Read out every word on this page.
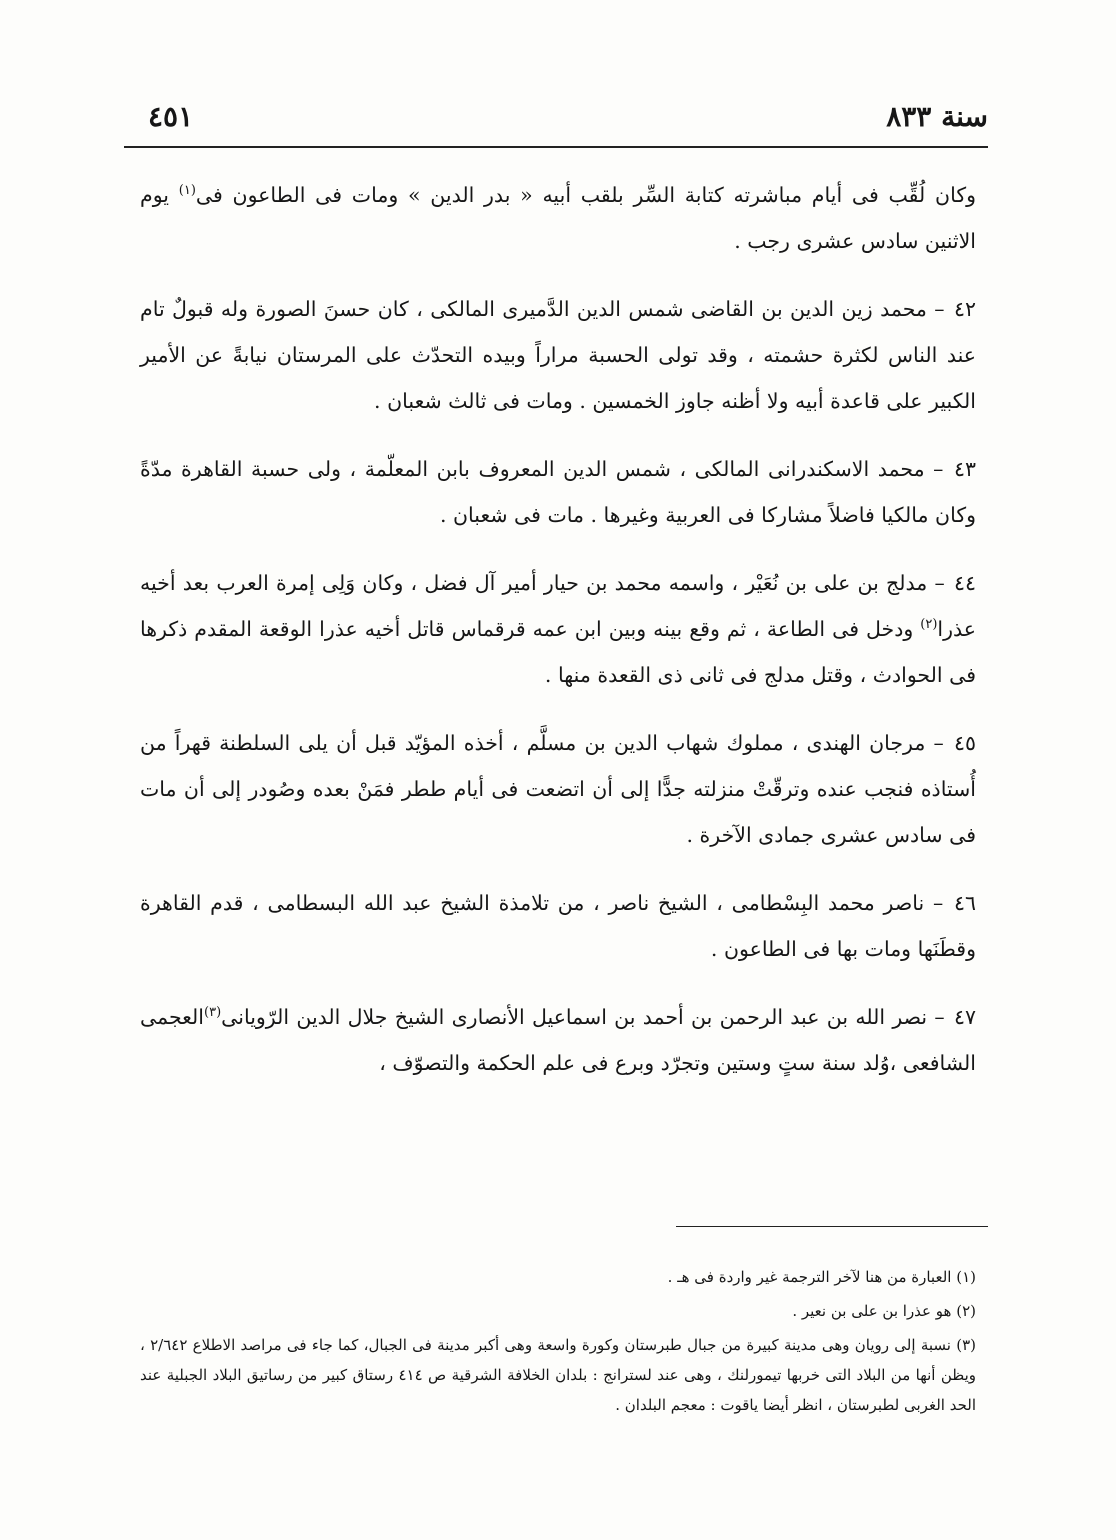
سنة ٨٣٣
٤٥١

وكان لُقِّب فى أيام مباشرته كتابة السِّر بلقب أبيه « بدر الدين » ومات فى الطاعون فى$^{(١)}$ يوم الاثنين سادس عشرى رجب .

٤٢ – محمد زين الدين بن القاضى شمس الدين الدَّميرى المالكى ، كان حسنَ الصورة وله قبولٌ تام عند الناس لكثرة حشمته ، وقد تولى الحسبة مراراً وبيده التحدّث على المرستان نيابةً عن الأمير الكبير على قاعدة أبيه ولا أظنه جاوز الخمسين . ومات فى ثالث شعبان .

٤٣ – محمد الاسكندرانى المالكى ، شمس الدين المعروف بابن المعلّمة ، ولى حسبة القاهرة مدّةً وكان مالكيا فاضلاً مشاركا فى العربية وغيرها . مات فى شعبان .

٤٤ – مدلج بن على بن نُعَيْر ، واسمه محمد بن حيار أمير آل فضل ، وكان وَلِى إمرة العرب بعد أخيه عذرا$^{(٢)}$ ودخل فى الطاعة ، ثم وقع بينه وبين ابن عمه قرقماس قاتل أخيه عذرا الوقعة المقدم ذكرها فى الحوادث ، وقتل مدلج فى ثانى ذى القعدة منها .

٤٥ – مرجان الهندى ، مملوك شهاب الدين بن مسلَّم ، أخذه المؤيّد قبل أن يلى السلطنة قهراً من أُستاذه فنجب عنده وترقّتْ منزلته جدًّا إلى أن اتضعت فى أيام ططر فمَنْ بعده وصُودر إلى أن مات فى سادس عشرى جمادى الآخرة .

٤٦ – ناصر محمد البِسْطامى ، الشيخ ناصر ، من تلامذة الشيخ عبد الله البسطامى ، قدم القاهرة وقطَنَها ومات بها فى الطاعون .

٤٧ – نصر الله بن عبد الرحمن بن أحمد بن اسماعيل الأنصارى الشيخ جلال الدين الرّويانى$^{(٣)}$العجمى الشافعى ،وُلد سنة ستٍ وستين وتجرّد وبرع فى علم الحكمة والتصوّف ،

(١) العبارة من هنا لآخر الترجمة غير واردة فى هـ .

(٢) هو عذرا بن على بن نعير .

(٣) نسبة إلى رويان وهى مدينة كبيرة من جبال طبرستان وكورة واسعة وهى أكبر مدينة فى الجبال، كما جاء فى مراصد الاطلاع ٢/٦٤٢ ، ويظن أنها من البلاد التى خربها تيمورلنك ، وهى عند لسترانج : بلدان الخلافة الشرقية ص ٤١٤ رستاق كبير من رساتيق البلاد الجبلية عند الحد الغربى لطبرستان ، انظر أيضا ياقوت : معجم البلدان .
